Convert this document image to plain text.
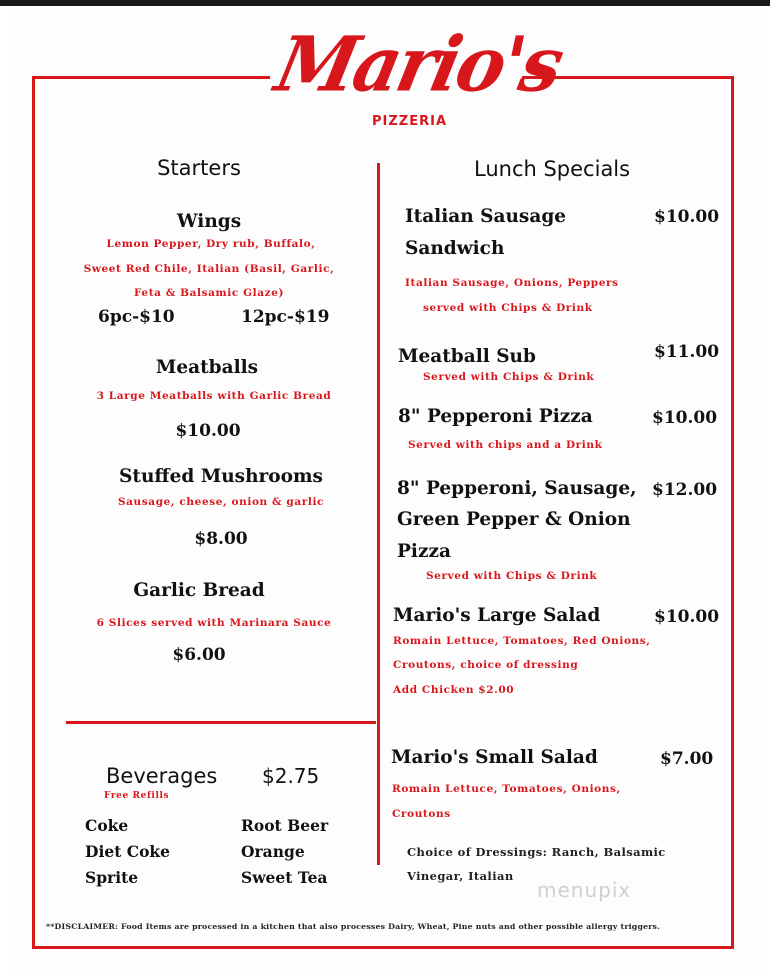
Mario's
PIZZERIA
Starters
Wings
Lemon Pepper, Dry rub, Buffalo,
Sweet Red Chile, Italian (Basil, Garlic,
Feta & Balsamic Glaze)
6pc-$10	12pc-$19
Meatballs
3 Large Meatballs with Garlic Bread
$10.00
Stuffed Mushrooms
Sausage, cheese, onion & garlic
$8.00
Garlic Bread
6 Slices served with Marinara Sauce
$6.00
Beverages $2.75
Free Refills
Coke
Diet Coke
Sprite
Root Beer
Orange
Sweet Tea
Lunch Specials
Italian Sausage
Sandwich
$10.00
Italian Sausage, Onions, Peppers
served with Chips & Drink
Meatball Sub	$11.00
Served with Chips & Drink
8" Pepperoni Pizza	$10.00
Served with chips and a Drink
8" Pepperoni, Sausage,
Green Pepper & Onion
Pizza
$12.00
Served with Chips & Drink
Mario's Large Salad	$10.00
Romain Lettuce, Tomatoes, Red Onions,
Croutons, choice of dressing
Add Chicken $2.00
Mario's Small Salad	$7.00
Romain Lettuce, Tomatoes, Onions,
Croutons
Choice of Dressings: Ranch, Balsamic
Vinegar, Italian
menupix
**DISCLAIMER: Food Items are processed in a kitchen that also processes Dairy, Wheat, Pine nuts and other possible allergy triggers.
